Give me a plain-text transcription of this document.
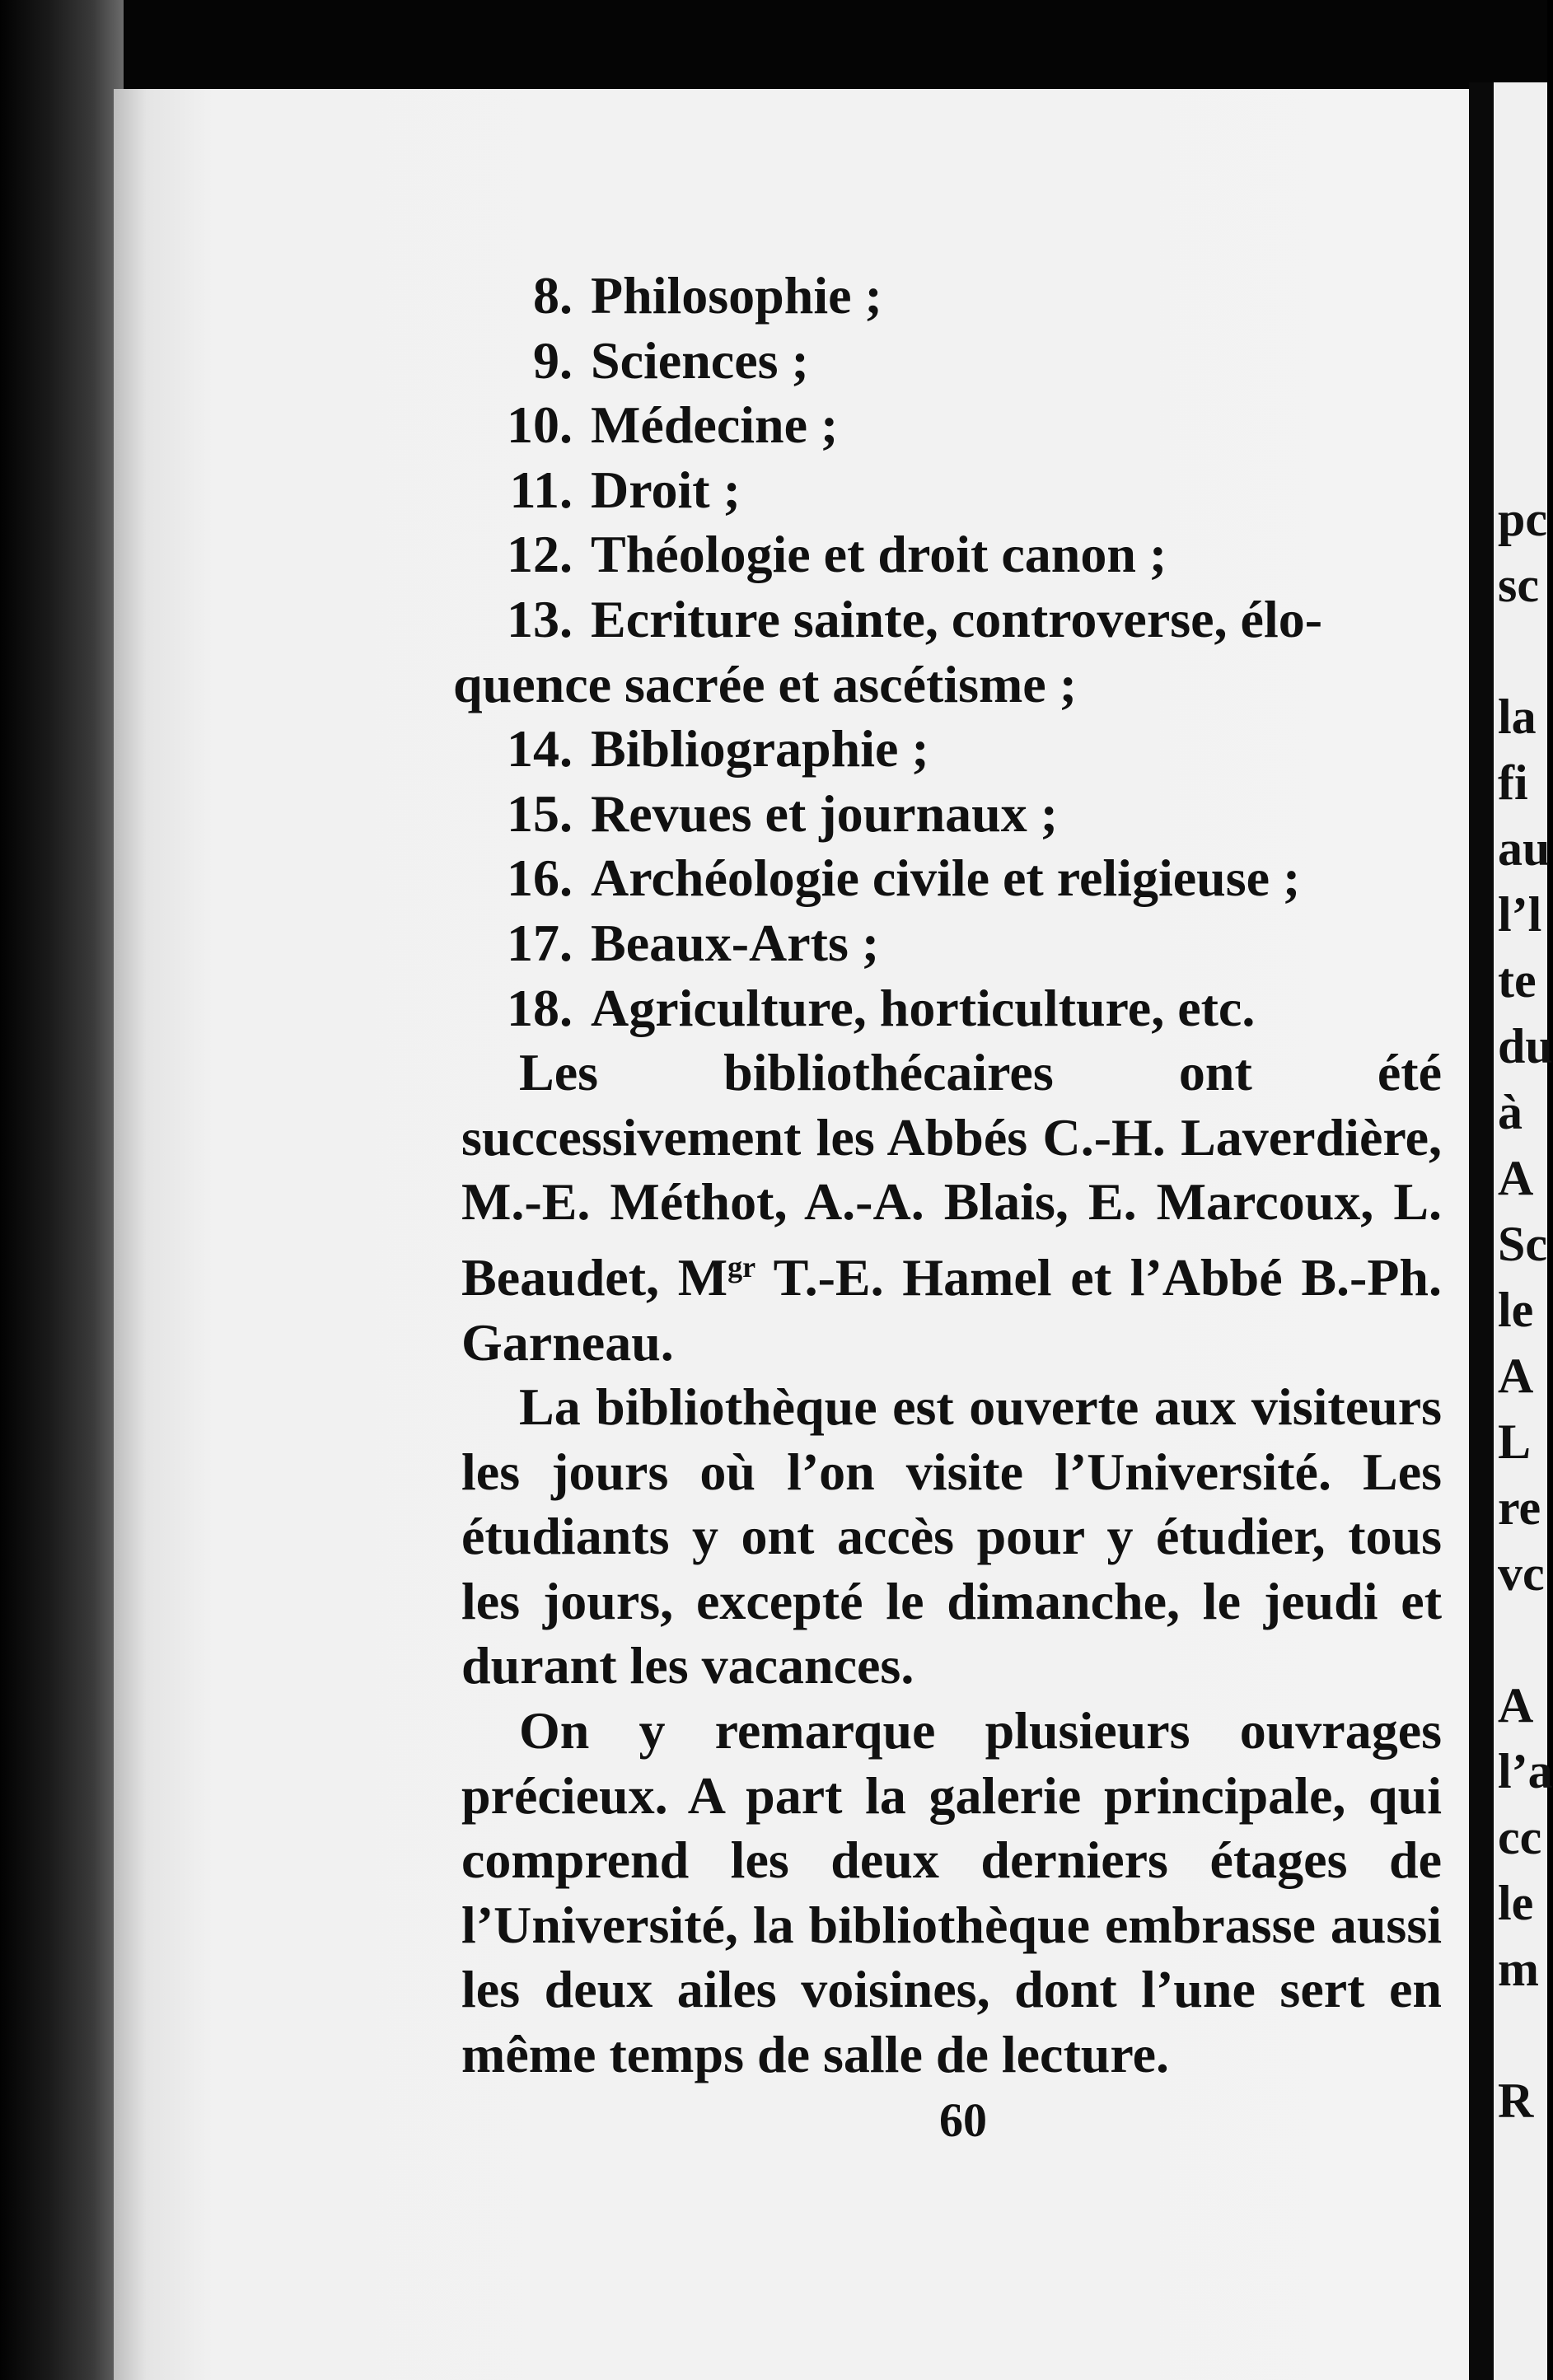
8. Philosophie ;
9. Sciences ;
10. Médecine ;
11. Droit ;
12. Théologie et droit canon ;
13. Ecriture sainte, controverse, élo-
quence sacrée et ascétisme ;
14. Bibliographie ;
15. Revues et journaux ;
16. Archéologie civile et religieuse ;
17. Beaux-Arts ;
18. Agriculture, horticulture, etc.
Les bibliothécaires ont été successivement les Abbés C.-H. Laverdière, M.-E. Méthot, A.-A. Blais, E. Marcoux, L. Beaudet, $M^{gr}$ T.-E. Hamel et l’Abbé B.-Ph. Garneau.
La bibliothèque est ouverte aux visiteurs les jours où l’on visite l’Université. Les étudiants y ont accès pour y étudier, tous les jours, excepté le dimanche, le jeudi et durant les vacances.
On y remarque plusieurs ouvrages précieux. A part la galerie principale, qui comprend les deux derniers étages de l’Université, la bibliothèque embrasse aussi les deux ailes voisines, dont l’une sert en même temps de salle de lecture.
60
pc
sc
la
fi
au
l’l
te
du
à
A
Sc
le
A
L
re
vc
A
l’a
cc
le
m
R
